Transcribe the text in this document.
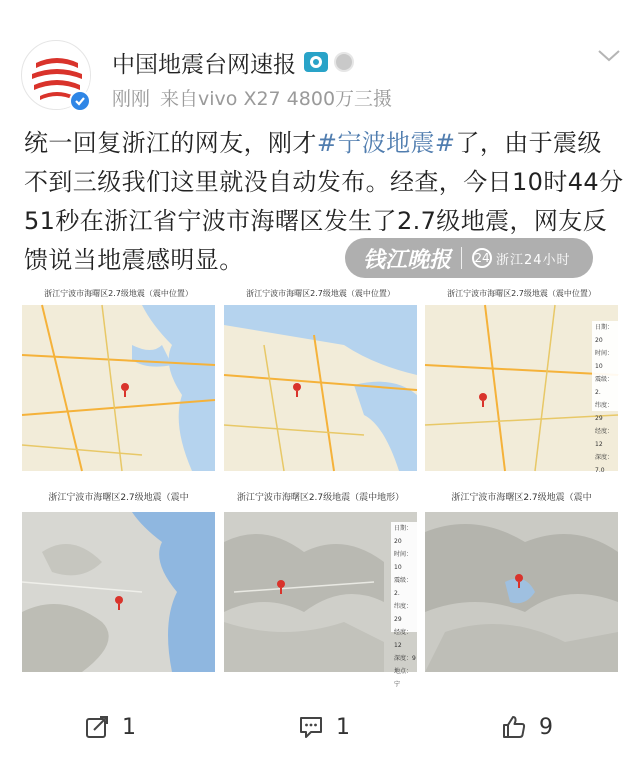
中国地震台网速报
刚刚 来自vivo X27 4800万三摄
统一回复浙江的网友，刚才#宁波地震#了，由于震级不到三级我们这里就没自动发布。经查，今日10时44分51秒在浙江省宁波市海曙区发生了2.7级地震，网友反馈说当地震感明显。	钱江晚报 24 浙江24小时
浙江宁波市海曙区2.7级地震（震中位置）	浙江宁波市海曙区2.7级地震（震中位置）	浙江宁波市海曙区2.7级地震（震中位置）
日期：20
时间：10
震级：2.
纬度：29
经度：12
深度：7.0
浙江宁波市海曙区2.7级地震（震中	浙江宁波市海曙区2.7级地震（震中地形）
日期：20
时间：10
震级：2.
纬度：29
经度：12
深度：9
地点：宁
浙江宁波市海曙区2.7级地震（震中
1	1	9
